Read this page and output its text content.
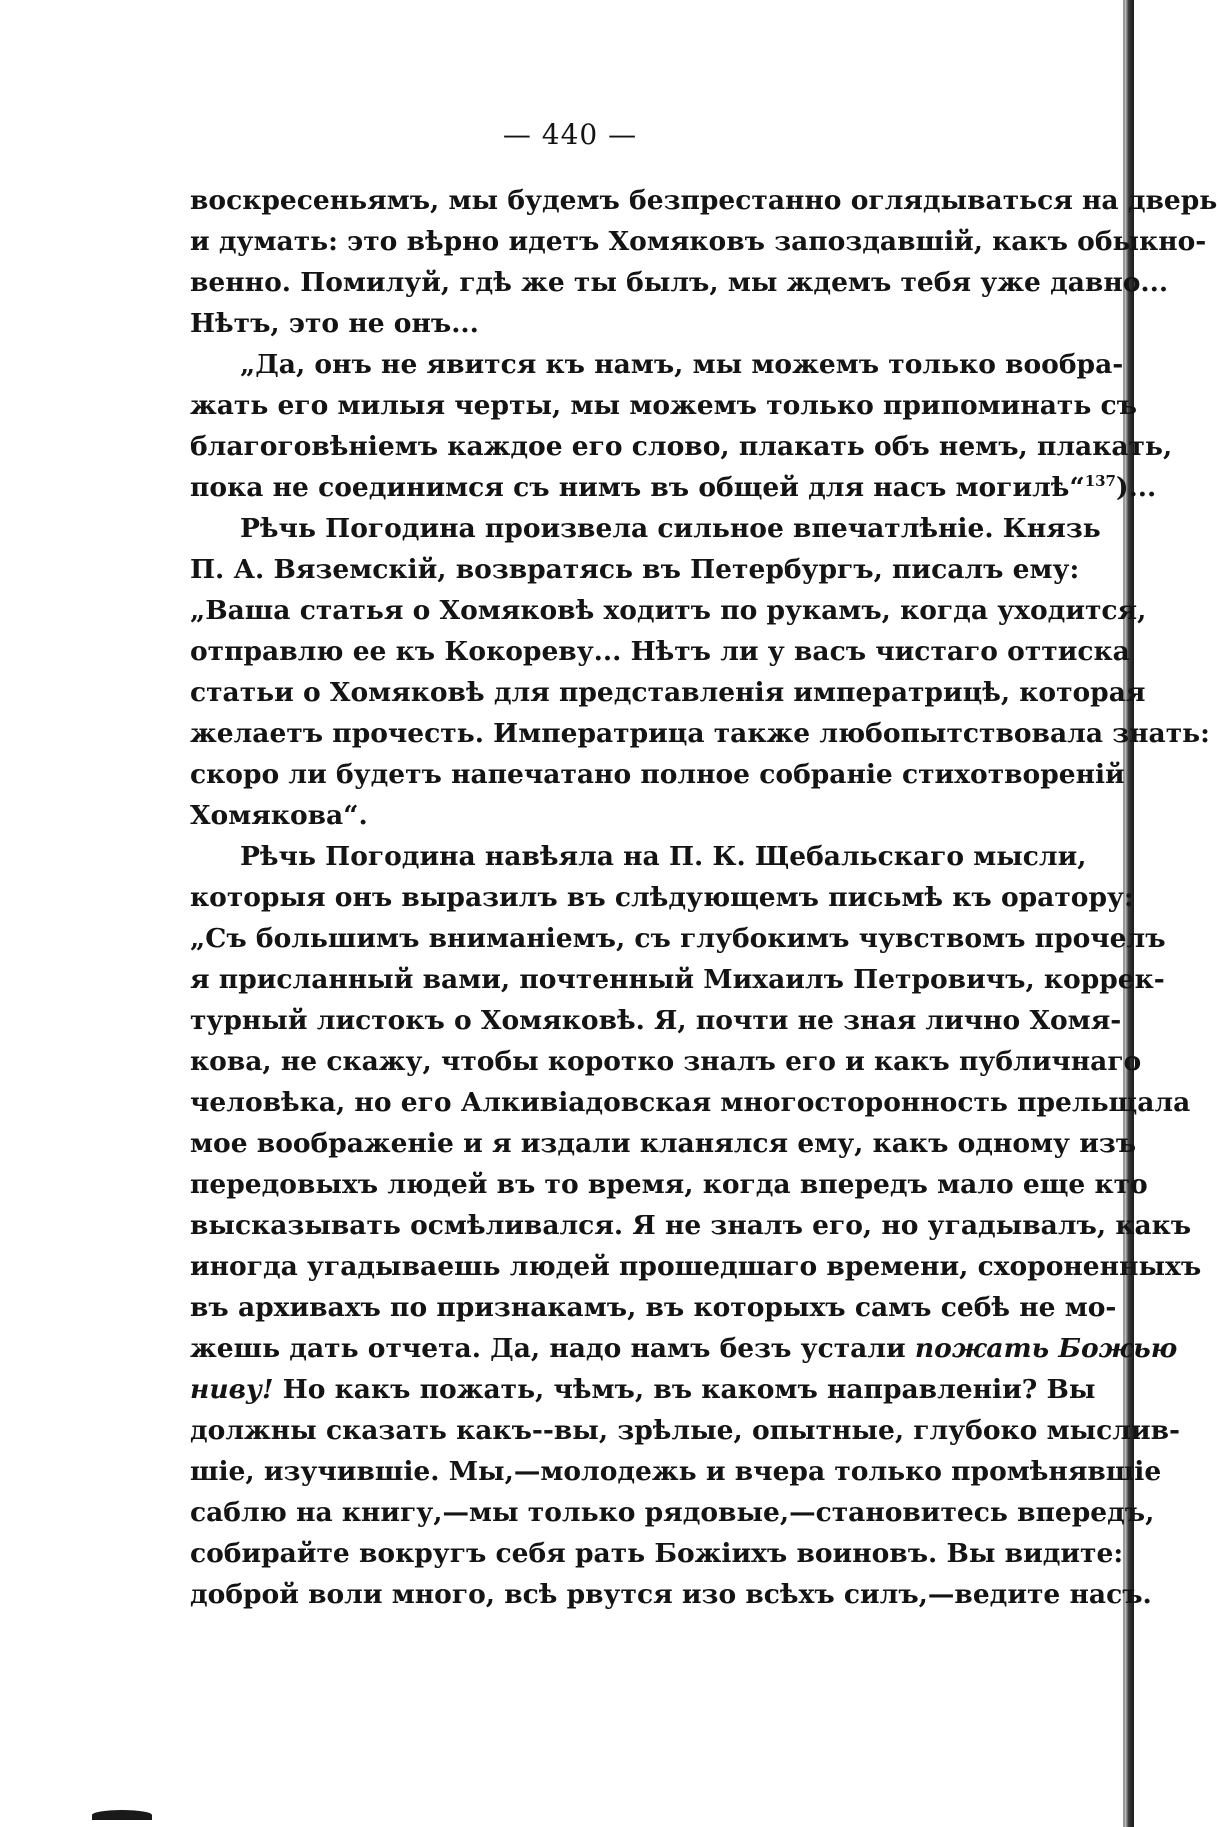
— 440 —
воскресеньямъ, мы будемъ безпрестанно оглядываться на дверь
и думать: это вѣрно идетъ Хомяковъ запоздавшiй, какъ обыкно-
венно. Помилуй, гдѣ же ты былъ, мы ждемъ тебя уже давно...
Нѣтъ, это не онъ...
„Да, онъ не явится къ намъ, мы можемъ только вообра-
жать его милыя черты, мы можемъ только припоминать съ
благоговѣнiемъ каждое его слово, плакать объ немъ, плакать,
пока не соединимся съ нимъ въ общей для насъ могилѣ“$^{137}$)...
Рѣчь Погодина произвела сильное впечатлѣнiе. Князь
П. А. Вяземскiй, возвратясь въ Петербургъ, писалъ ему:
„Ваша статья о Хомяковѣ ходитъ по рукамъ, когда уходится,
отправлю ее къ Кокореву... Нѣтъ ли у васъ чистаго оттиска
статьи о Хомяковѣ для представленiя императрицѣ, которая
желаетъ прочесть. Императрица также любопытствовала знать:
скоро ли будетъ напечатано полное собранiе стихотворенiй
Хомякова“.
Рѣчь Погодина навѣяла на П. К. Щебальскаго мысли,
которыя онъ выразилъ въ слѣдующемъ письмѣ къ оратору:
„Съ большимъ вниманiемъ, съ глубокимъ чувствомъ прочелъ
я присланный вами, почтенный Михаилъ Петровичъ, коррек-
турный листокъ о Хомяковѣ. Я, почти не зная лично Хомя-
кова, не скажу, чтобы коротко зналъ его и какъ публичнаго
человѣка, но его Алкивiадовская многосторонность прельщала
мое воображенiе и я издали кланялся ему, какъ одному изъ
передовыхъ людей въ то время, когда впередъ мало еще кто
высказывать осмѣливался. Я не зналъ его, но угадывалъ, какъ
иногда угадываешь людей прошедшаго времени, схороненныхъ
въ архивахъ по признакамъ, въ которыхъ самъ себѣ не мо-
жешь дать отчета. Да, надо намъ безъ устали пожать Божью
ниву! Но какъ пожать, чѣмъ, въ какомъ направленiи? Вы
должны сказать какъ--вы, зрѣлые, опытные, глубоко мыслив-
шiе, изучившiе. Мы,—молодежь и вчера только промѣнявшiе
саблю на книгу,—мы только рядовые,—становитесь впередъ,
собирайте вокругъ себя рать Божiихъ воиновъ. Вы видите:
доброй воли много, всѣ рвутся изо всѣхъ силъ,—ведите насъ.
